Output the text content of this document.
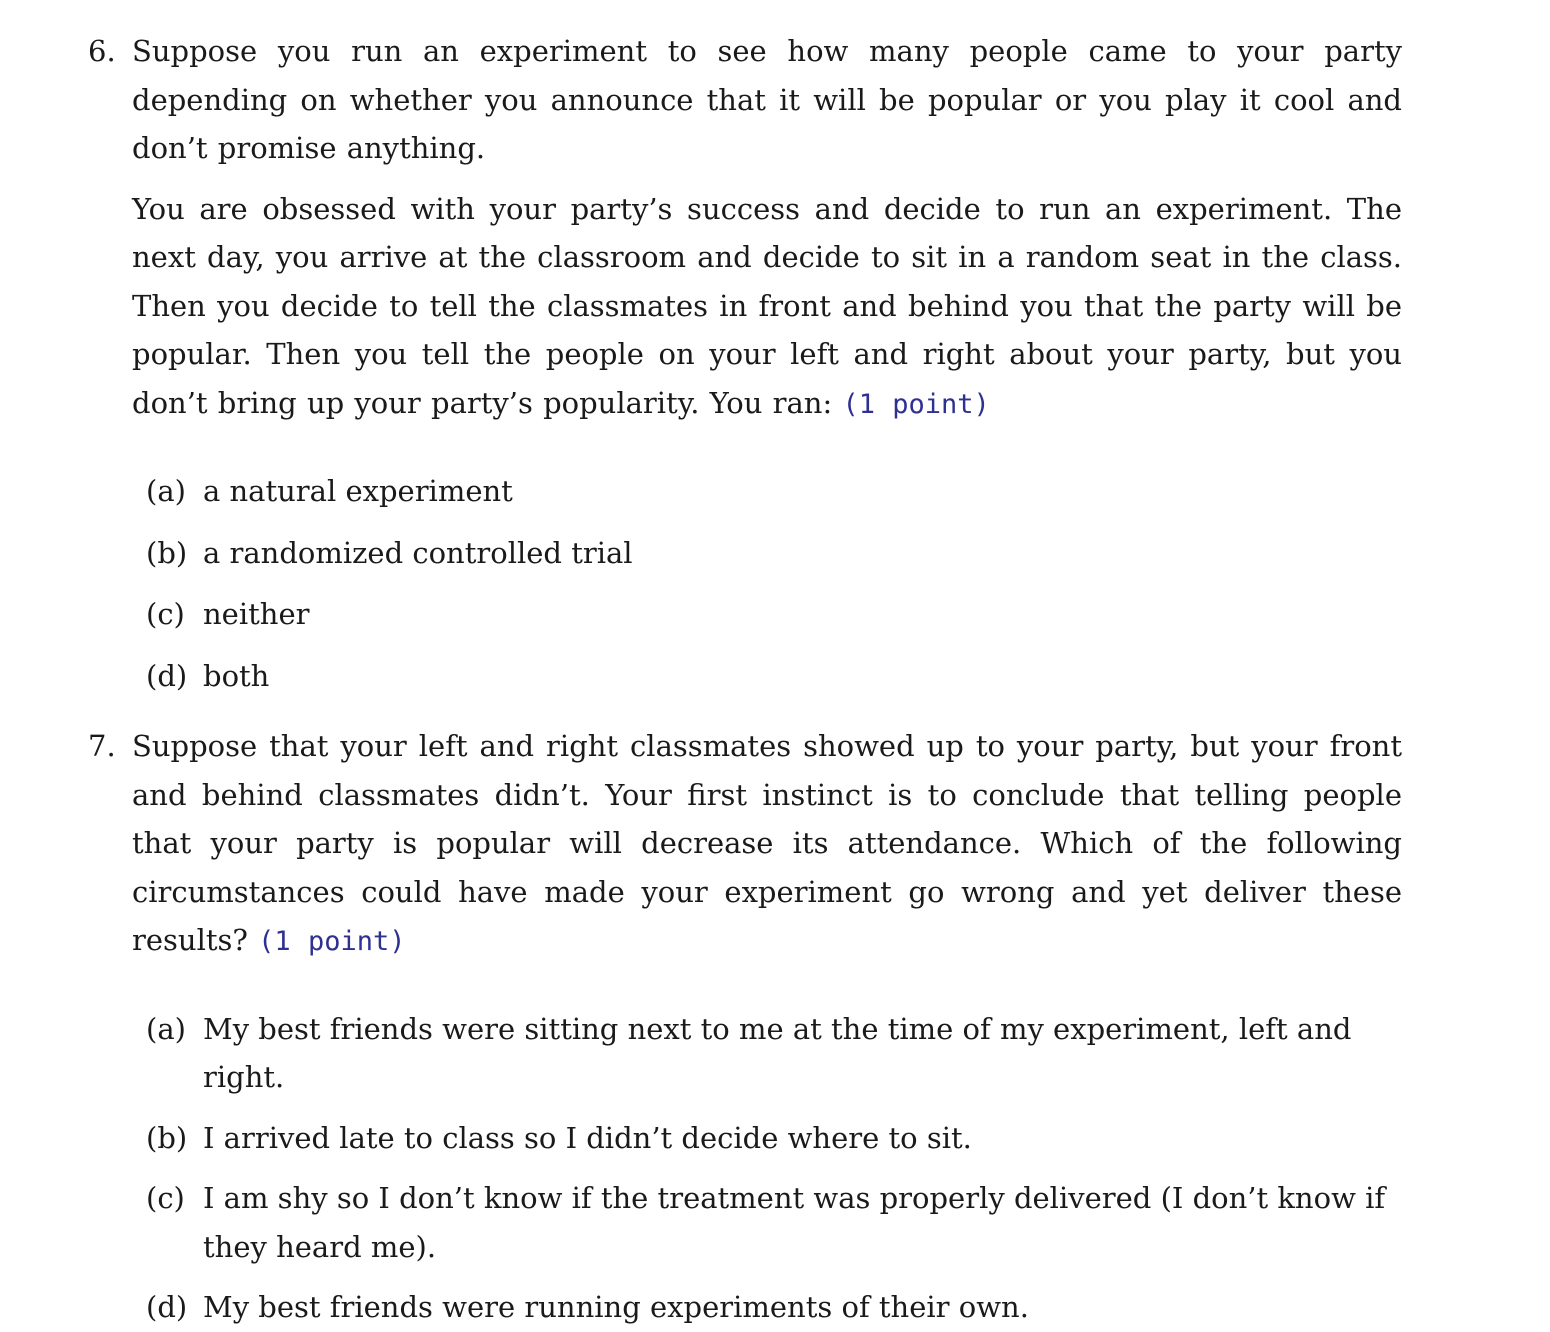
6. Suppose you run an experiment to see how many people came to your party depending on whether you announce that it will be popular or you play it cool and don’t promise anything.

You are obsessed with your party’s success and decide to run an experiment. The next day, you arrive at the classroom and decide to sit in a random seat in the class. Then you decide to tell the classmates in front and behind you that the party will be popular. Then you tell the people on your left and right about your party, but you don’t bring up your party’s popularity. You ran: (1 point)

(a) a natural experiment
(b) a randomized controlled trial
(c) neither
(d) both
7. Suppose that your left and right classmates showed up to your party, but your front and behind classmates didn’t. Your first instinct is to conclude that telling people that your party is popular will decrease its attendance. Which of the following circumstances could have made your experiment go wrong and yet deliver these results? (1 point)

(a) My best friends were sitting next to me at the time of my experiment, left and right.
(b) I arrived late to class so I didn’t decide where to sit.
(c) I am shy so I don’t know if the treatment was properly delivered (I don’t know if they heard me).
(d) My best friends were running experiments of their own.
